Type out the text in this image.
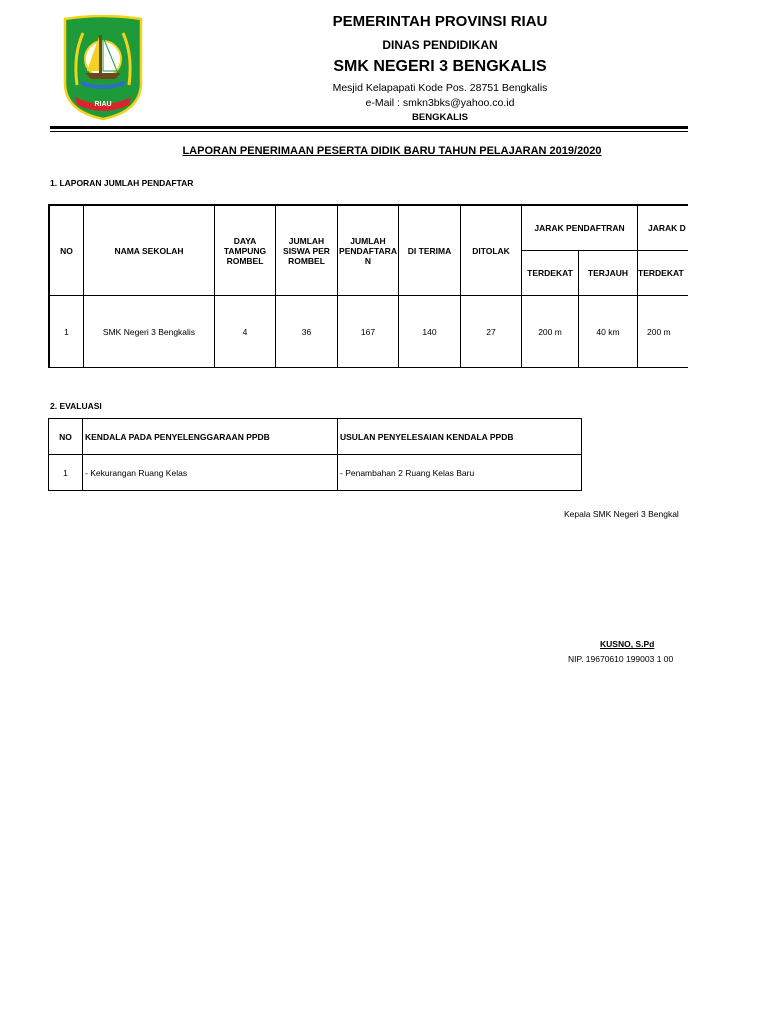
RIAU
PEMERINTAH PROVINSI RIAU
DINAS PENDIDIKAN
SMK NEGERI 3 BENGKALIS
Mesjid Kelapapati Kode Pos. 28751 Bengkalis
e-Mail : smkn3bks@yahoo.co.id
BENGKALIS
LAPORAN PENERIMAAN PESERTA DIDIK BARU TAHUN PELAJARAN 2019/2020
1. LAPORAN JUMLAH PENDAFTAR
NO	NAMA SEKOLAH	DAYA TAMPUNG ROMBEL	JUMLAH SISWA PER ROMBEL	JUMLAH PENDAFTARA N	DI TERIMA	DITOLAK	JARAK PENDAFTRAN		JARAK D
							TERDEKAT	TERJAUH	TERDEKAT
1	SMK Negeri 3 Bengkalis	4	36	167	140	27	200 m	40 km	200 m
2. EVALUASI
NO	KENDALA PADA PENYELENGGARAAN PPDB	USULAN PENYELESAIAN KENDALA PPDB
1	- Kekurangan Ruang Kelas	- Penambahan 2 Ruang Kelas Baru
Kepala SMK Negeri 3 Bengkal
KUSNO, S.Pd
NIP. 19670610 199003 1 00
